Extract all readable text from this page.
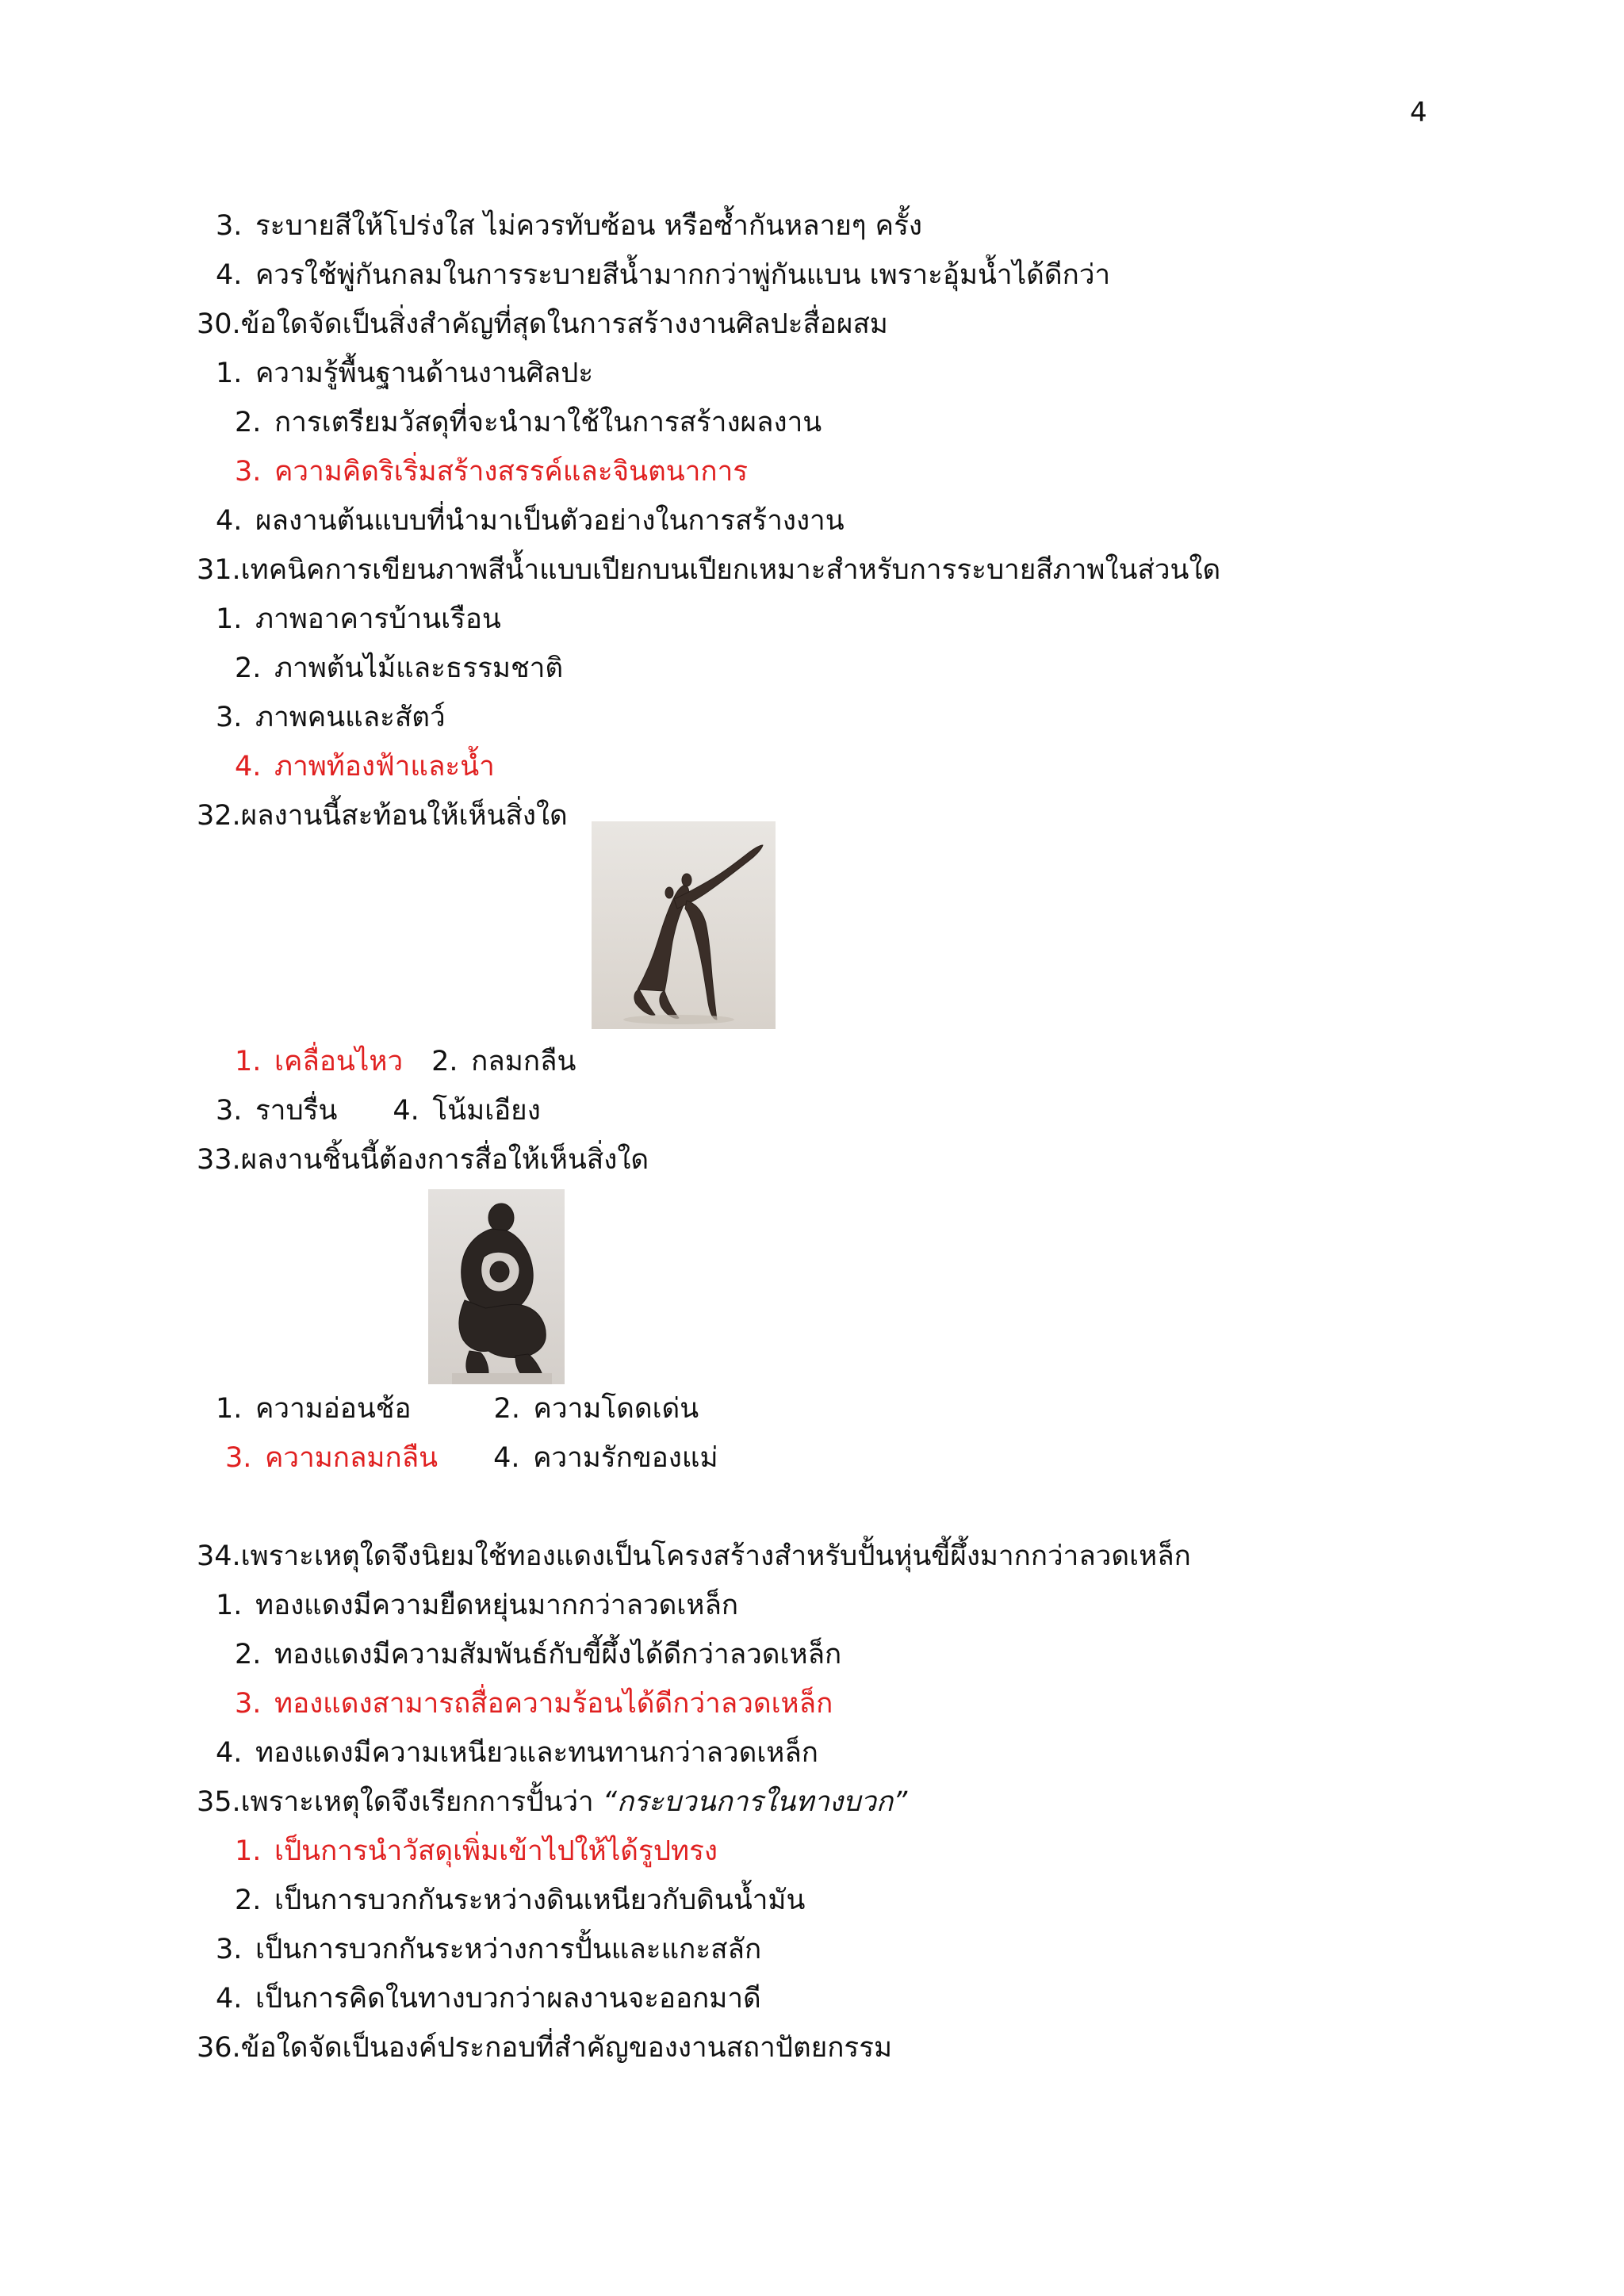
4
3. ระบายสีให้โปร่งใส ไม่ควรทับซ้อน หรือซ้ำกันหลายๆ ครั้ง
4. ควรใช้พู่กันกลมในการระบายสีน้ำมากกว่าพู่กันแบน เพราะอุ้มน้ำได้ดีกว่า
30.ข้อใดจัดเป็นสิ่งสำคัญที่สุดในการสร้างงานศิลปะสื่อผสม
1. ความรู้พื้นฐานด้านงานศิลปะ
2. การเตรียมวัสดุที่จะนำมาใช้ในการสร้างผลงาน
3. ความคิดริเริ่มสร้างสรรค์และจินตนาการ
4. ผลงานต้นแบบที่นำมาเป็นตัวอย่างในการสร้างงาน
31.เทคนิคการเขียนภาพสีน้ำแบบเปียกบนเปียกเหมาะสำหรับการระบายสีภาพในส่วนใด
1. ภาพอาคารบ้านเรือน
2. ภาพต้นไม้และธรรมชาติ
3. ภาพคนและสัตว์
4. ภาพท้องฟ้าและน้ำ
32.ผลงานนี้สะท้อนให้เห็นสิ่งใด
1. เคลื่อนไหว 2. กลมกลืน
3. ราบรื่น 4. โน้มเอียง
33.ผลงานชิ้นนี้ต้องการสื่อให้เห็นสิ่งใด
1. ความอ่อนช้อ	2. ความโดดเด่น
3. ความกลมกลืน 4. ความรักของแม่
34.เพราะเหตุใดจึงนิยมใช้ทองแดงเป็นโครงสร้างสำหรับปั้นหุ่นขี้ผึ้งมากกว่าลวดเหล็ก
1. ทองแดงมีความยืดหยุ่นมากกว่าลวดเหล็ก
2. ทองแดงมีความสัมพันธ์กับขี้ผึ้งได้ดีกว่าลวดเหล็ก
3. ทองแดงสามารถสื่อความร้อนได้ดีกว่าลวดเหล็ก
4. ทองแดงมีความเหนียวและทนทานกว่าลวดเหล็ก
35.เพราะเหตุใดจึงเรียกการปั้นว่า “กระบวนการในทางบวก”
1. เป็นการนำวัสดุเพิ่มเข้าไปให้ได้รูปทรง
2. เป็นการบวกกันระหว่างดินเหนียวกับดินน้ำมัน
3. เป็นการบวกกันระหว่างการปั้นและแกะสลัก
4. เป็นการคิดในทางบวกว่าผลงานจะออกมาดี
36.ข้อใดจัดเป็นองค์ประกอบที่สำคัญของงานสถาปัตยกรรม
